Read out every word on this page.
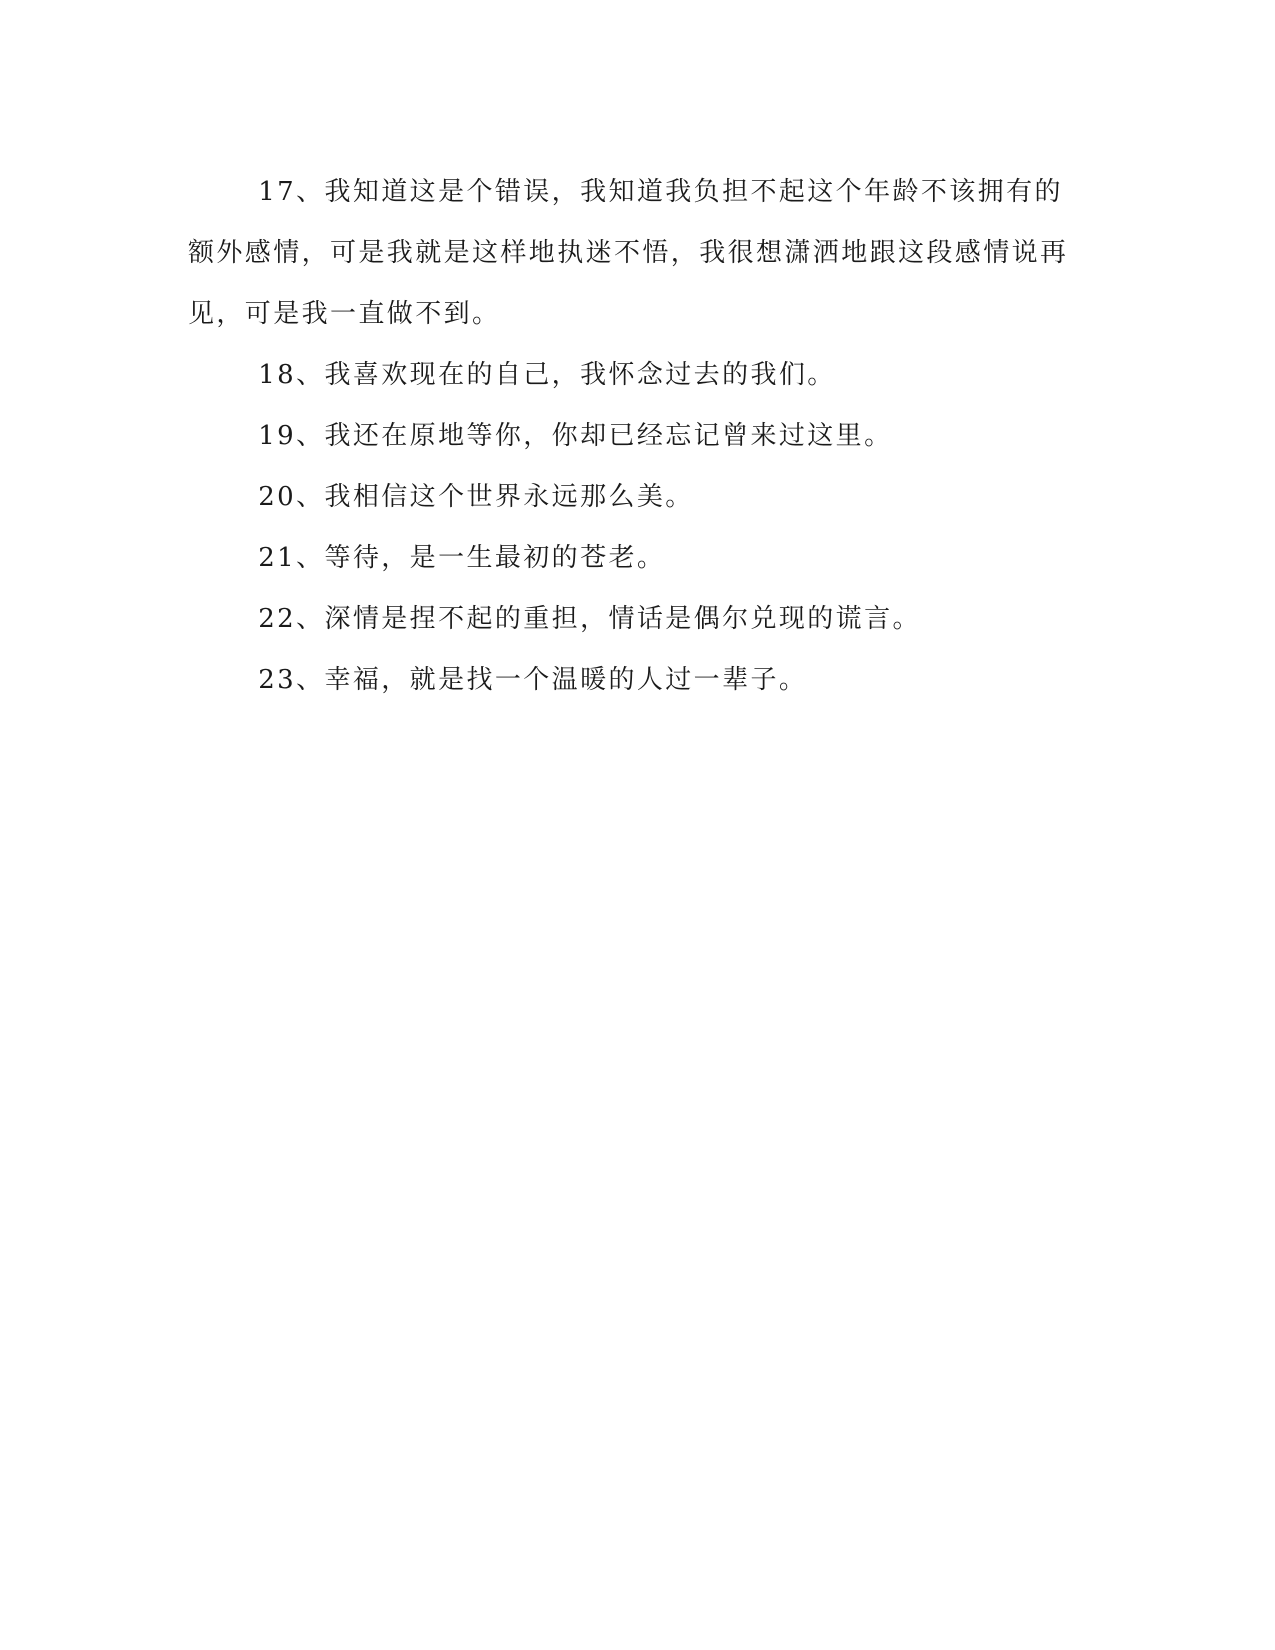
17、我知道这是个错误，我知道我负担不起这个年龄不该拥有的额外感情，可是我就是这样地执迷不悟，我很想潇洒地跟这段感情说再见，可是我一直做不到。

18、我喜欢现在的自己，我怀念过去的我们。

19、我还在原地等你，你却已经忘记曾来过这里。

20、我相信这个世界永远那么美。

21、等待，是一生最初的苍老。

22、深情是捏不起的重担，情话是偶尔兑现的谎言。

23、幸福，就是找一个温暖的人过一辈子。
